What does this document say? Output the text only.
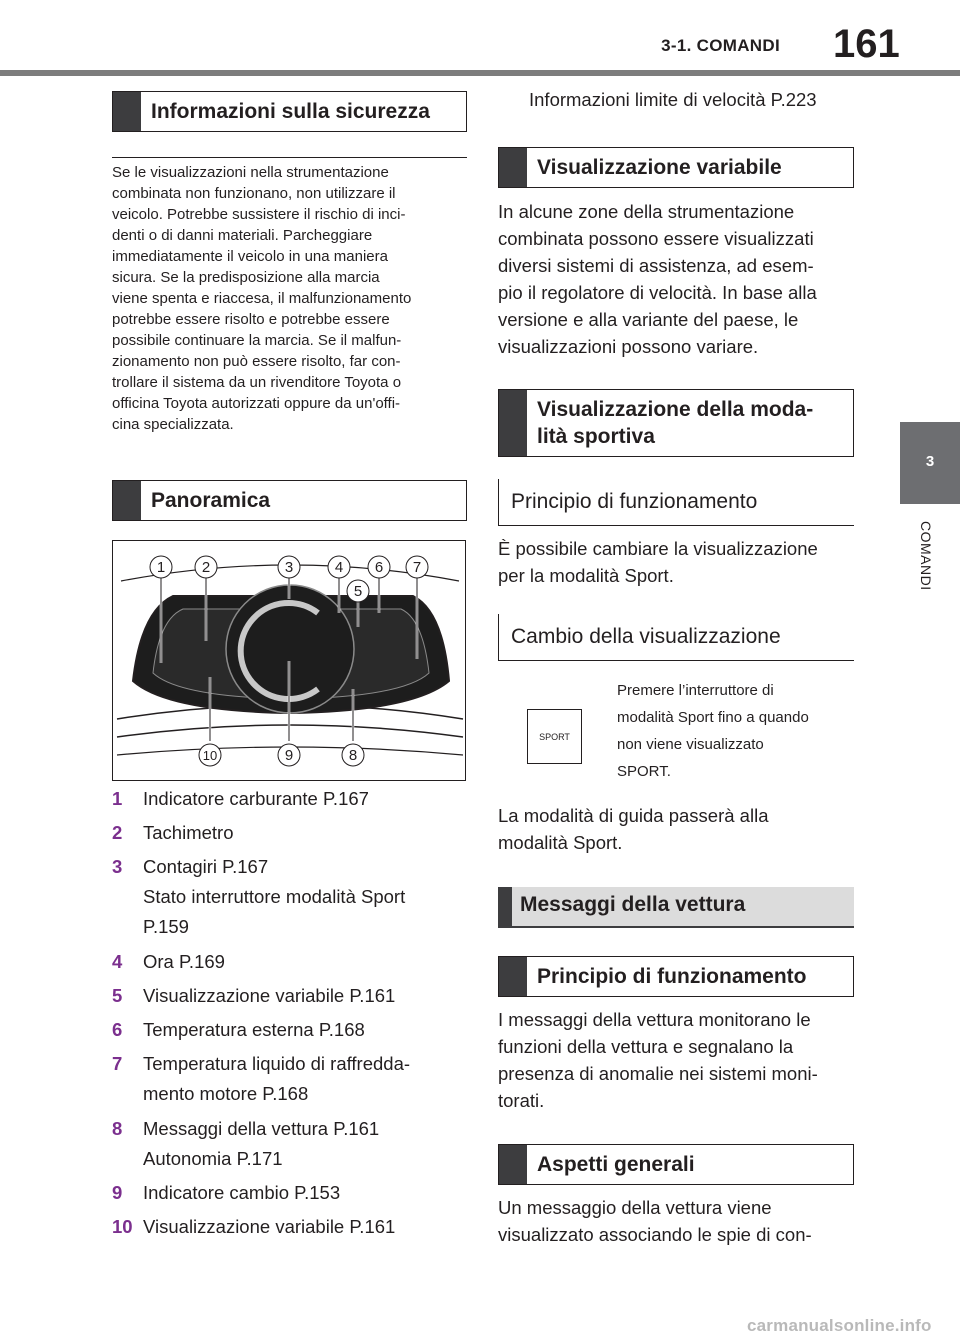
3-1. COMANDI 161
3
COMANDI
Informazioni sulla sicurezza
Se le visualizzazioni nella strumentazione
combinata non funzionano, non utilizzare il
veicolo. Potrebbe sussistere il rischio di inci-
denti o di danni materiali. Parcheggiare
immediatamente il veicolo in una maniera
sicura. Se la predisposizione alla marcia
viene spenta e riaccesa, il malfunzionamento
potrebbe essere risolto e potrebbe essere
possibile continuare la marcia. Se il malfun-
zionamento non può essere risolto, far con-
trollare il sistema da un rivenditore Toyota o
officina Toyota autorizzati oppure da un'offi-
cina specializzata.
Panoramica
1 2	3	4
5
6 7
8
9
10
1	Indicatore carburante P.167
2	Tachimetro
3	Contagiri P.167
Stato interruttore modalità Sport
P.159
4	Ora P.169
5	Visualizzazione variabile P.161
6	Temperatura esterna P.168
7	Temperatura liquido di raffredda-
mento motore P.168
8	Messaggi della vettura P.161
Autonomia P.171
9	Indicatore cambio P.153
10 Visualizzazione variabile P.161
Informazioni limite di velocità P.223
Visualizzazione variabile
In alcune zone della strumentazione
combinata possono essere visualizzati
diversi sistemi di assistenza, ad esem-
pio il regolatore di velocità. In base alla
versione e alla variante del paese, le
visualizzazioni possono variare.
Visualizzazione della moda-
lità sportiva
Principio di funzionamento
È possibile cambiare la visualizzazione
per la modalità Sport.
Cambio della visualizzazione
SPORT
Premere l’interruttore di
modalità Sport fino a quando
non viene visualizzato
SPORT.
La modalità di guida passerà alla
modalità Sport.
Messaggi della vettura
Principio di funzionamento
I messaggi della vettura monitorano le
funzioni della vettura e segnalano la
presenza di anomalie nei sistemi moni-
torati.
Aspetti generali
Un messaggio della vettura viene
visualizzato associando le spie di con-
carmanualsonline.info
